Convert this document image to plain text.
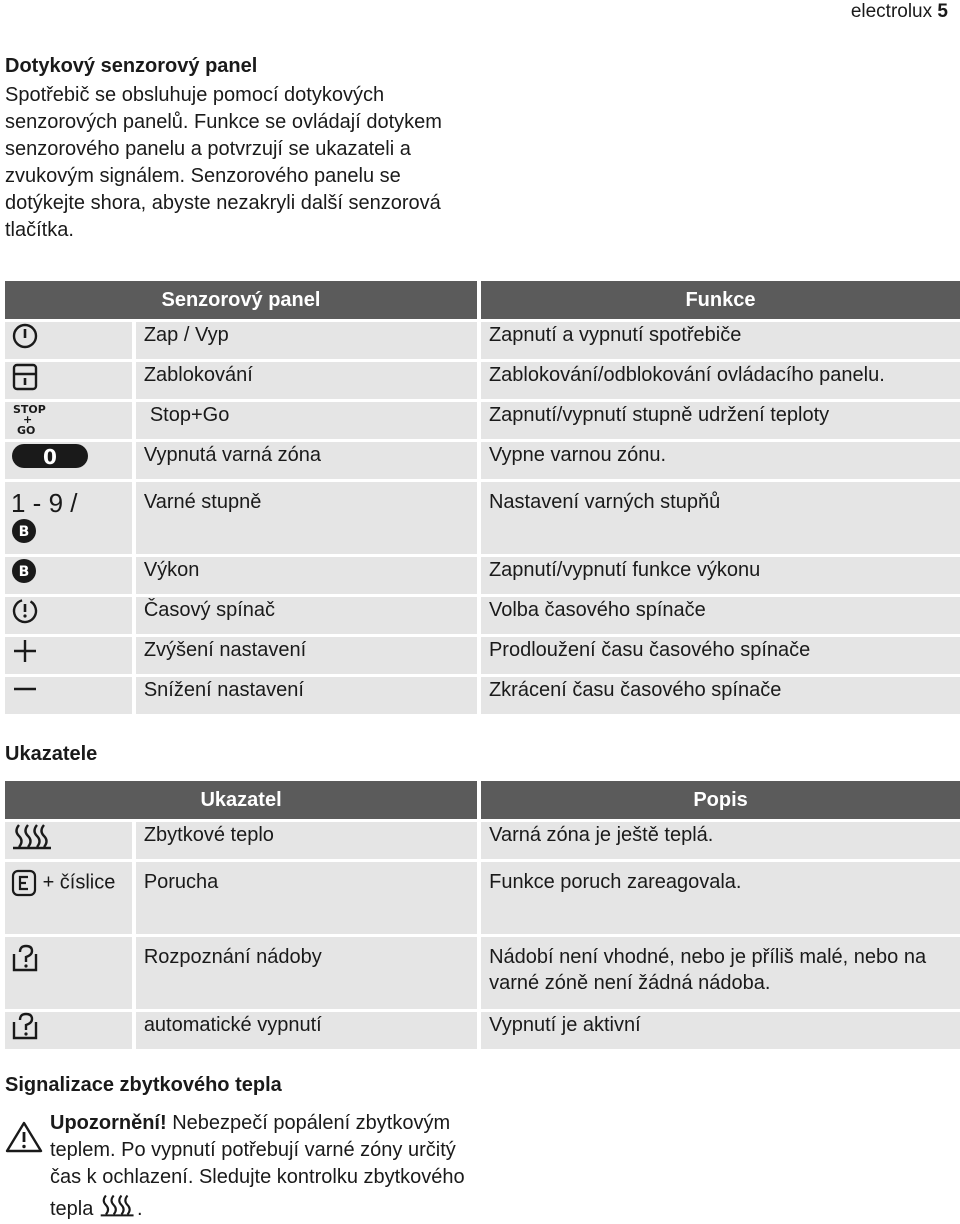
electrolux 5
Dotykový senzorový panel
Spotřebič se obsluhuje pomocí dotykových senzorových panelů. Funkce se ovládají dotykem senzorového panelu a potvrzují se ukazateli a zvukovým signálem. Senzorového panelu se dotýkejte shora, abyste nezakryli další senzorová tlačítka.
Senzorový panel		Funkce
	Zap / Vyp	Zapnutí a vypnutí spotřebiče
	Zablokování	Zablokování/odblokování ovládacího panelu.

STOP
+
GO	Stop+Go	Zapnutí/vypnutí stupně udržení teploty

0	Vypnutá varná zóna	Vypne varnou zónu.

1 - 9 /
B	Varné stupně	Nastavení varných stupňů

B	Výkon	Zapnutí/vypnutí funkce výkonu
	Časový spínač	Volba časového spínače
	Zvýšení nastavení	Prodloužení času časového spínače
	Snížení nastavení	Zkrácení času časového spínače
Ukazatele
Ukazatel		Popis
	Zbytkové teplo	Varná zóna je ještě teplá.
+ číslice	Porucha	Funkce poruch zareagovala.
	Rozpoznání nádoby	Nádobí není vhodné, nebo je příliš malé, nebo na varné zóně není žádná nádoba.
	automatické vypnutí	Vypnutí je aktivní
Signalizace zbytkového tepla
Upozornění! Nebezpečí popálení zbytkovým teplem. Po vypnutí potřebují varné zóny určitý čas k ochlazení. Sledujte kontrolku zbytkového tepla .
